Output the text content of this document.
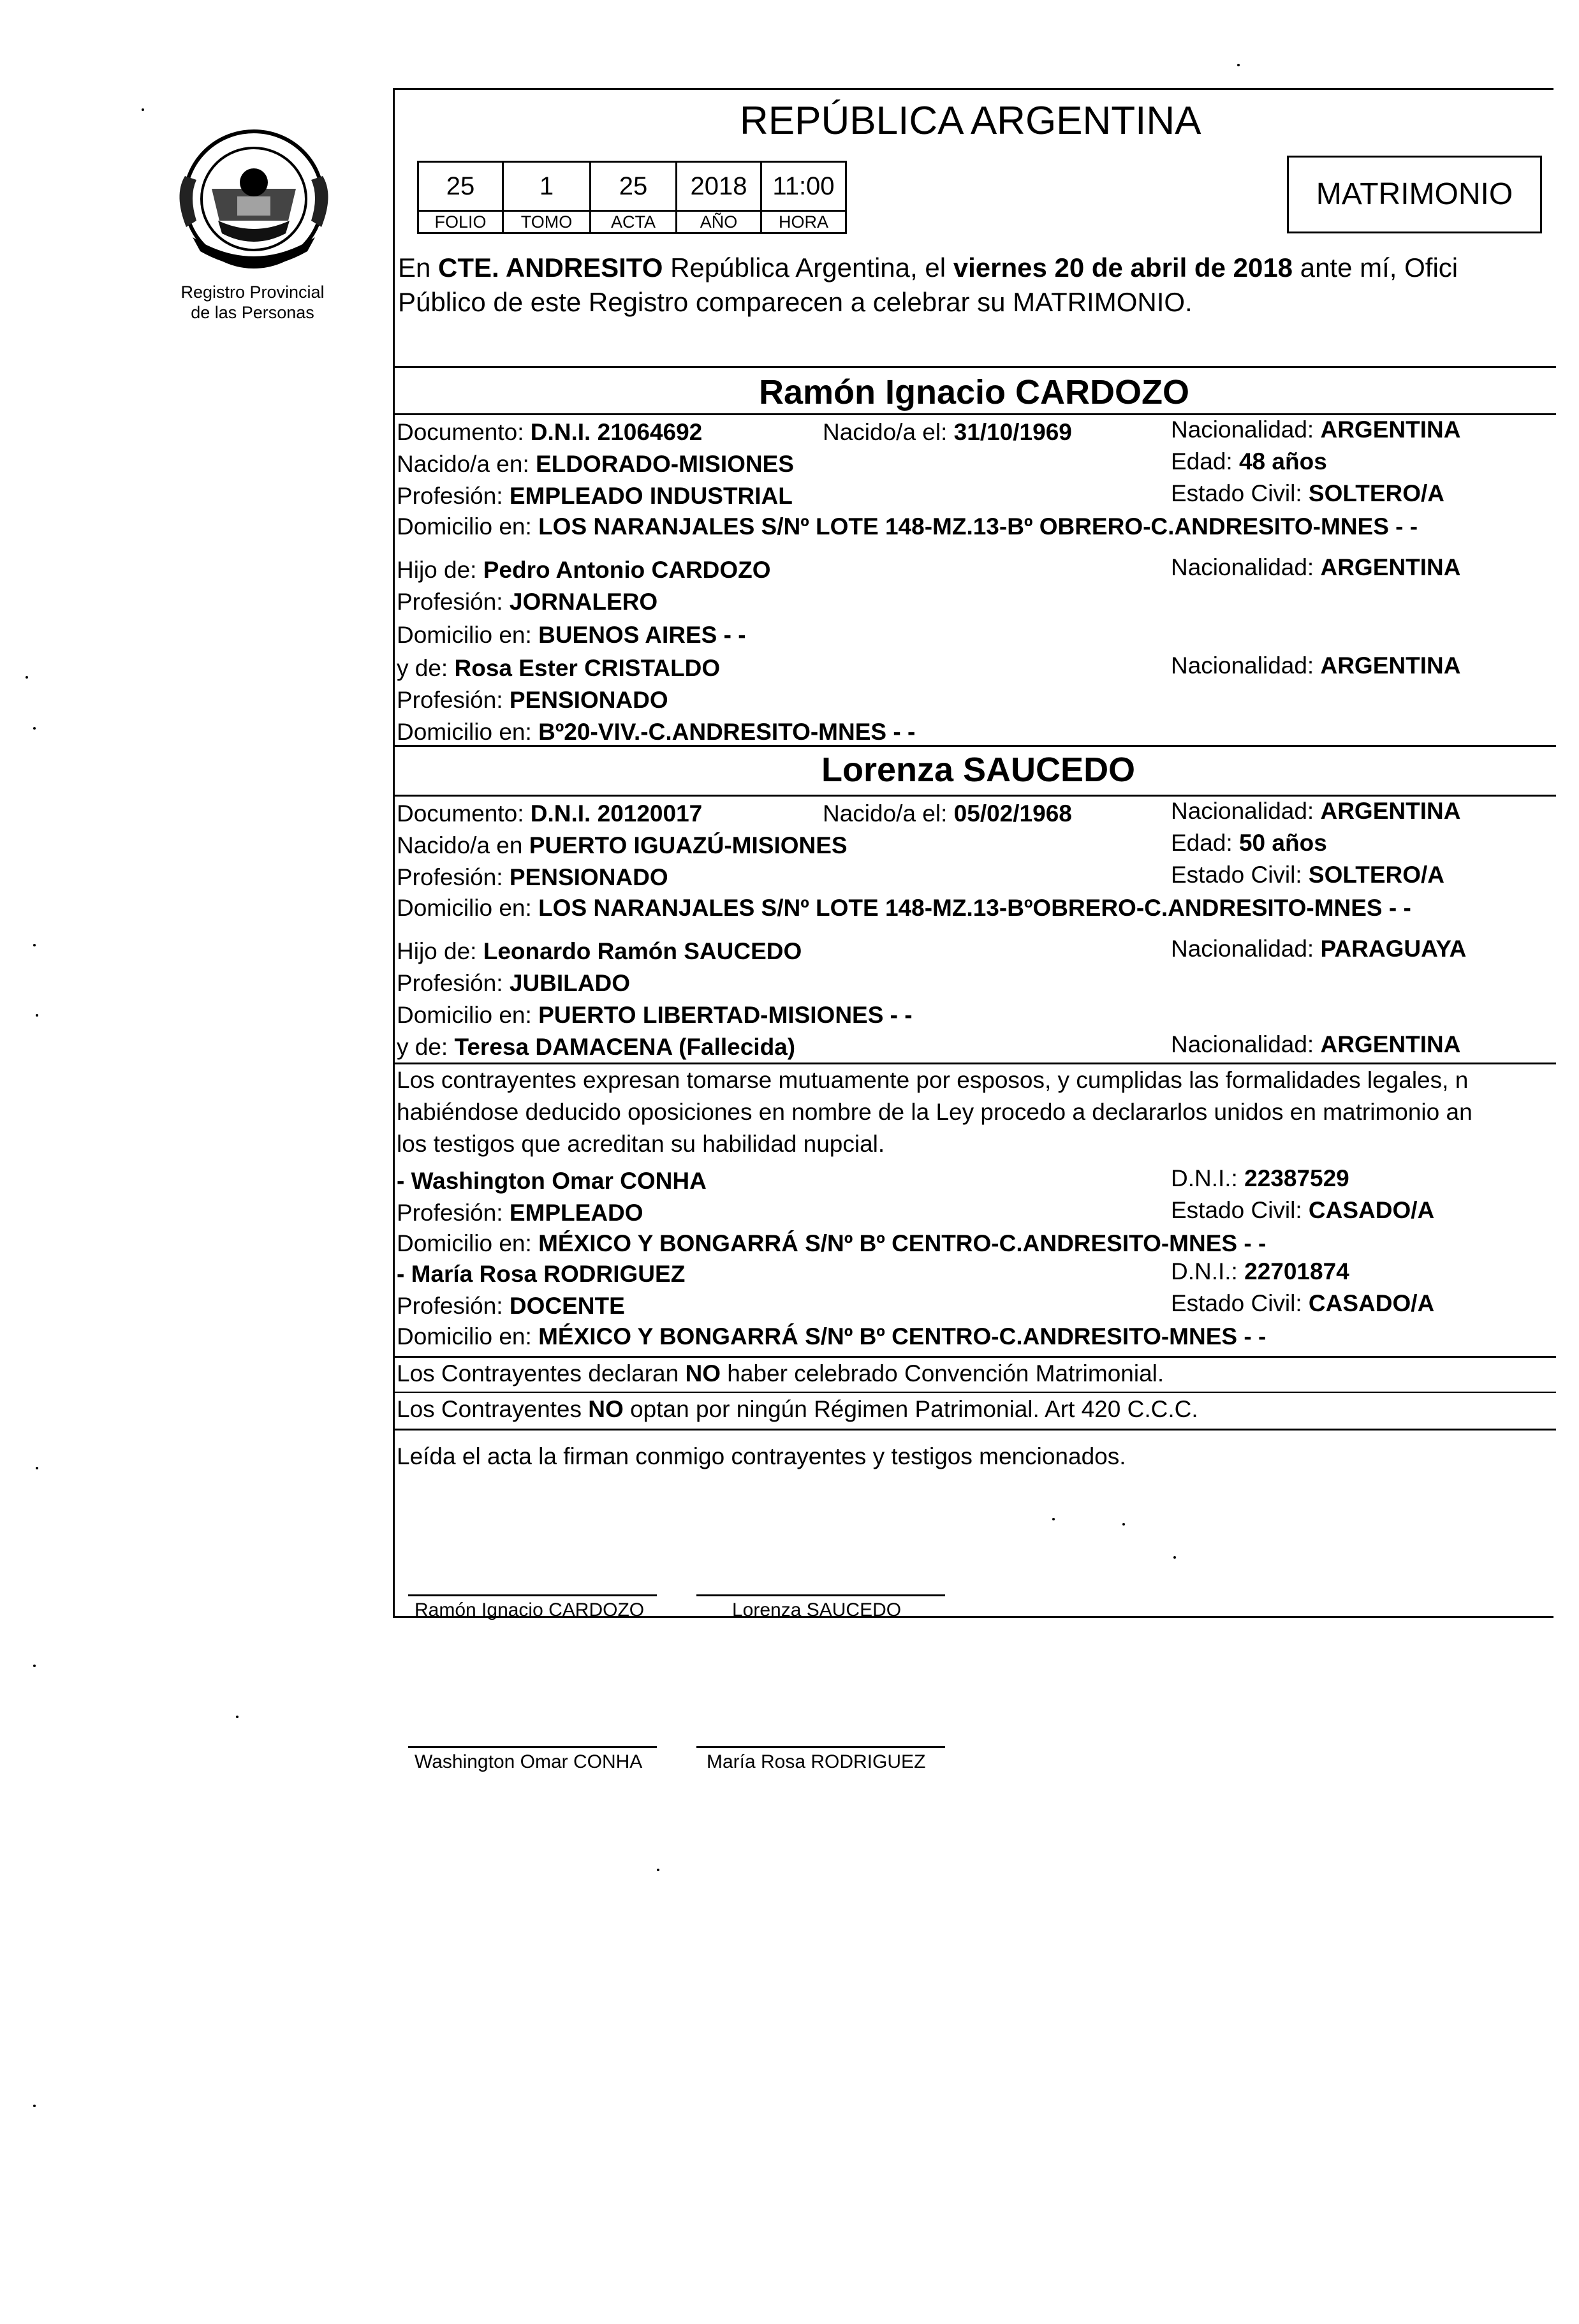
Registro Provincial
de las Personas
REPÚBLICA ARGENTINA
25	1	25	2018	11:00
FOLIO	TOMO	ACTA	AÑO	HORA
MATRIMONIO
En CTE. ANDRESITO República Argentina, el viernes 20 de abril de 2018 ante mí, Ofici
Público de este Registro comparecen a celebrar su MATRIMONIO.
Ramón Ignacio CARDOZO
Documento: D.N.I. 21064692	Nacido/a el: 31/10/1969	Nacionalidad: ARGENTINA
Nacido/a en: ELDORADO-MISIONES	Edad: 48 años
Profesión: EMPLEADO INDUSTRIAL	Estado Civil: SOLTERO/A
Domicilio en: LOS NARANJALES S/Nº LOTE 148-MZ.13-Bº OBRERO-C.ANDRESITO-MNES - -
Hijo de: Pedro Antonio CARDOZO	Nacionalidad: ARGENTINA
Profesión: JORNALERO
Domicilio en: BUENOS AIRES - -
y de: Rosa Ester CRISTALDO	Nacionalidad: ARGENTINA
Profesión: PENSIONADO
Domicilio en: Bº20-VIV.-C.ANDRESITO-MNES - -
Lorenza SAUCEDO
Documento: D.N.I. 20120017	Nacido/a el: 05/02/1968	Nacionalidad: ARGENTINA
Nacido/a en PUERTO IGUAZÚ-MISIONES	Edad: 50 años
Profesión: PENSIONADO	Estado Civil: SOLTERO/A
Domicilio en: LOS NARANJALES S/Nº LOTE 148-MZ.13-BºOBRERO-C.ANDRESITO-MNES - -
Hijo de: Leonardo Ramón SAUCEDO	Nacionalidad: PARAGUAYA
Profesión: JUBILADO
Domicilio en: PUERTO LIBERTAD-MISIONES - -
y de: Teresa DAMACENA (Fallecida)	Nacionalidad: ARGENTINA
Los contrayentes expresan tomarse mutuamente por esposos, y cumplidas las formalidades legales, n
habiéndose deducido oposiciones en nombre de la Ley procedo a declararlos unidos en matrimonio an
los testigos que acreditan su habilidad nupcial.
- Washington Omar CONHA	D.N.I.: 22387529
Profesión: EMPLEADO	Estado Civil: CASADO/A
Domicilio en: MÉXICO Y BONGARRÁ S/Nº Bº CENTRO-C.ANDRESITO-MNES - -
- María Rosa RODRIGUEZ	D.N.I.: 22701874
Profesión: DOCENTE	Estado Civil: CASADO/A
Domicilio en: MÉXICO Y BONGARRÁ S/Nº Bº CENTRO-C.ANDRESITO-MNES - -
Los Contrayentes declaran NO haber celebrado Convención Matrimonial.
Los Contrayentes NO optan por ningún Régimen Patrimonial. Art 420 C.C.C.
Leída el acta la firman conmigo contrayentes y testigos mencionados.
Ramón Ignacio CARDOZO	Lorenza SAUCEDO
Washington Omar CONHA	María Rosa RODRIGUEZ
